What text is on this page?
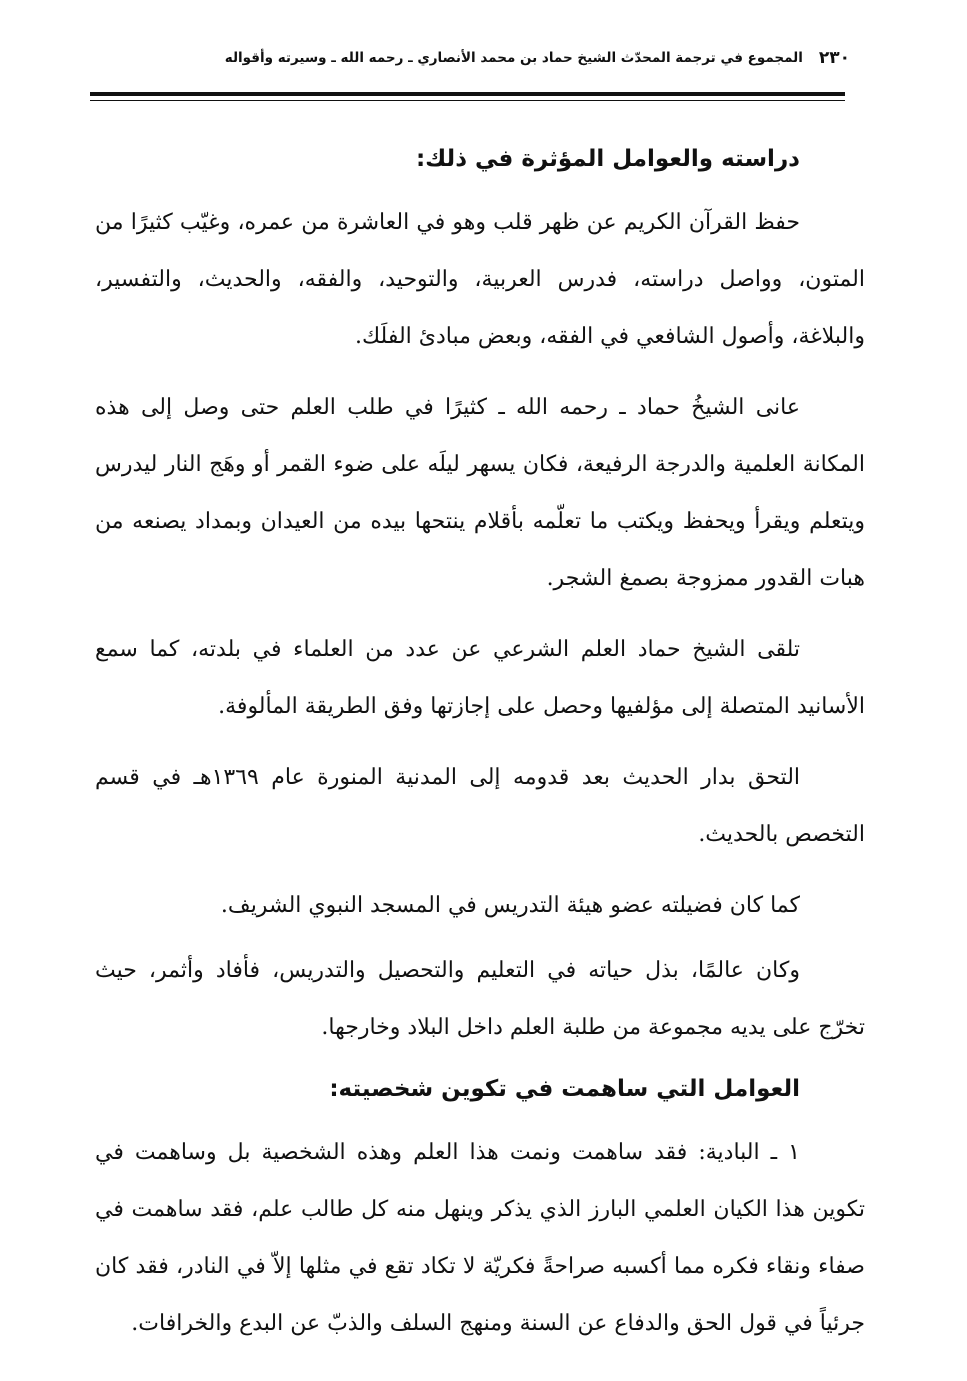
٢٣٠
المجموع في ترجمة المحدّث الشيخ حماد بن محمد الأنصاري ـ رحمه الله ـ وسيرته وأقواله
دراسته والعوامل المؤثرة في ذلك:

حفظ القرآن الكريم عن ظهر قلب وهو في العاشرة من عمره، وغيّب كثيرًا من المتون، وواصل دراسته، فدرس العربية، والتوحيد، والفقه، والحديث، والتفسير، والبلاغة، وأصول الشافعي في الفقه، وبعض مبادئ الفلَك.

عانى الشيخُ حماد ـ رحمه الله ـ كثيرًا في طلب العلم حتى وصل إلى هذه المكانة العلمية والدرجة الرفيعة، فكان يسهر ليلَه على ضوء القمر أو وهَج النار ليدرس ويتعلم ويقرأ ويحفظ ويكتب ما تعلّمه بأقلام ينتحها بيده من العيدان وبمداد يصنعه من هبات القدور ممزوجة بصمغ الشجر.

تلقى الشيخ حماد العلم الشرعي عن عدد من العلماء في بلدته، كما سمع الأسانيد المتصلة إلى مؤلفيها وحصل على إجازتها وفق الطريقة المألوفة.

التحق بدار الحديث بعد قدومه إلى المدنية المنورة عام ١٣٦٩هـ في قسم التخصص بالحديث.

كما كان فضيلته عضو هيئة التدريس في المسجد النبوي الشريف.

وكان عالمًا، بذل حياته في التعليم والتحصيل والتدريس، فأفاد وأثمر، حيث تخرّج على يديه مجموعة من طلبة العلم داخل البلاد وخارجها.

العوامل التي ساهمت في تكوين شخصيته:

١ ـ البادية: فقد ساهمت ونمت هذا العلم وهذه الشخصية بل وساهمت في تكوين هذا الكيان العلمي البارز الذي يذكر وينهل منه كل طالب علم، فقد ساهمت في صفاء ونقاء فكره مما أكسبه صراحةً فكريّة لا تكاد تقع في مثلها إلاّ في النادر، فقد كان جرئياً في قول الحق والدفاع عن السنة ومنهج السلف والذبّ عن البدع والخرافات.
